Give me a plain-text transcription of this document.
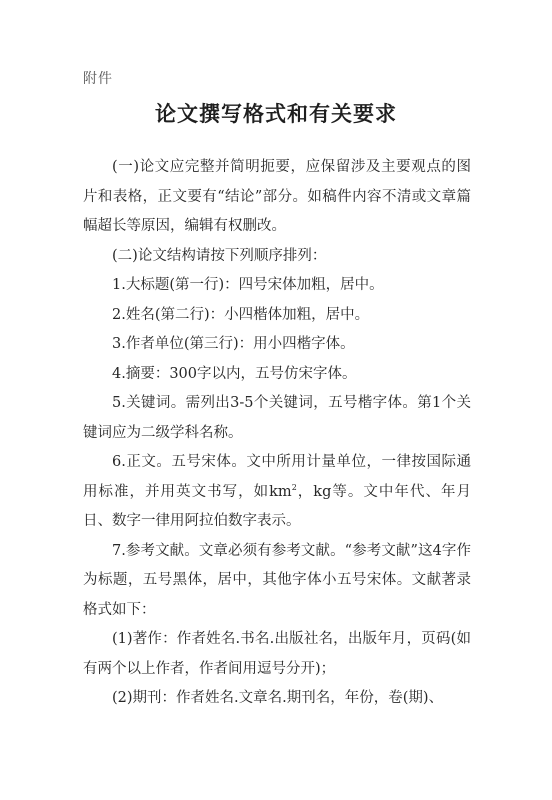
附件
论文撰写格式和有关要求

(一)论文应完整并简明扼要，应保留涉及主要观点的图片和表格，正文要有“结论”部分。如稿件内容不清或文章篇幅超长等原因，编辑有权删改。

(二)论文结构请按下列顺序排列：

1.大标题(第一行)：四号宋体加粗，居中。

2.姓名(第二行)：小四楷体加粗，居中。

3.作者单位(第三行)：用小四楷字体。

4.摘要：300字以内，五号仿宋字体。

5.关键词。需列出3-5个关键词，五号楷字体。第1个关键词应为二级学科名称。

6.正文。五号宋体。文中所用计量单位，一律按国际通用标准，并用英文书写，如$km^2$，kg等。文中年代、年月日、数字一律用阿拉伯数字表示。

7.参考文献。文章必须有参考文献。“参考文献”这4字作为标题，五号黑体，居中，其他字体小五号宋体。文献著录格式如下：

(1)著作：作者姓名.书名.出版社名，出版年月，页码(如有两个以上作者，作者间用逗号分开)；

(2)期刊：作者姓名.文章名.期刊名，年份，卷(期)、
